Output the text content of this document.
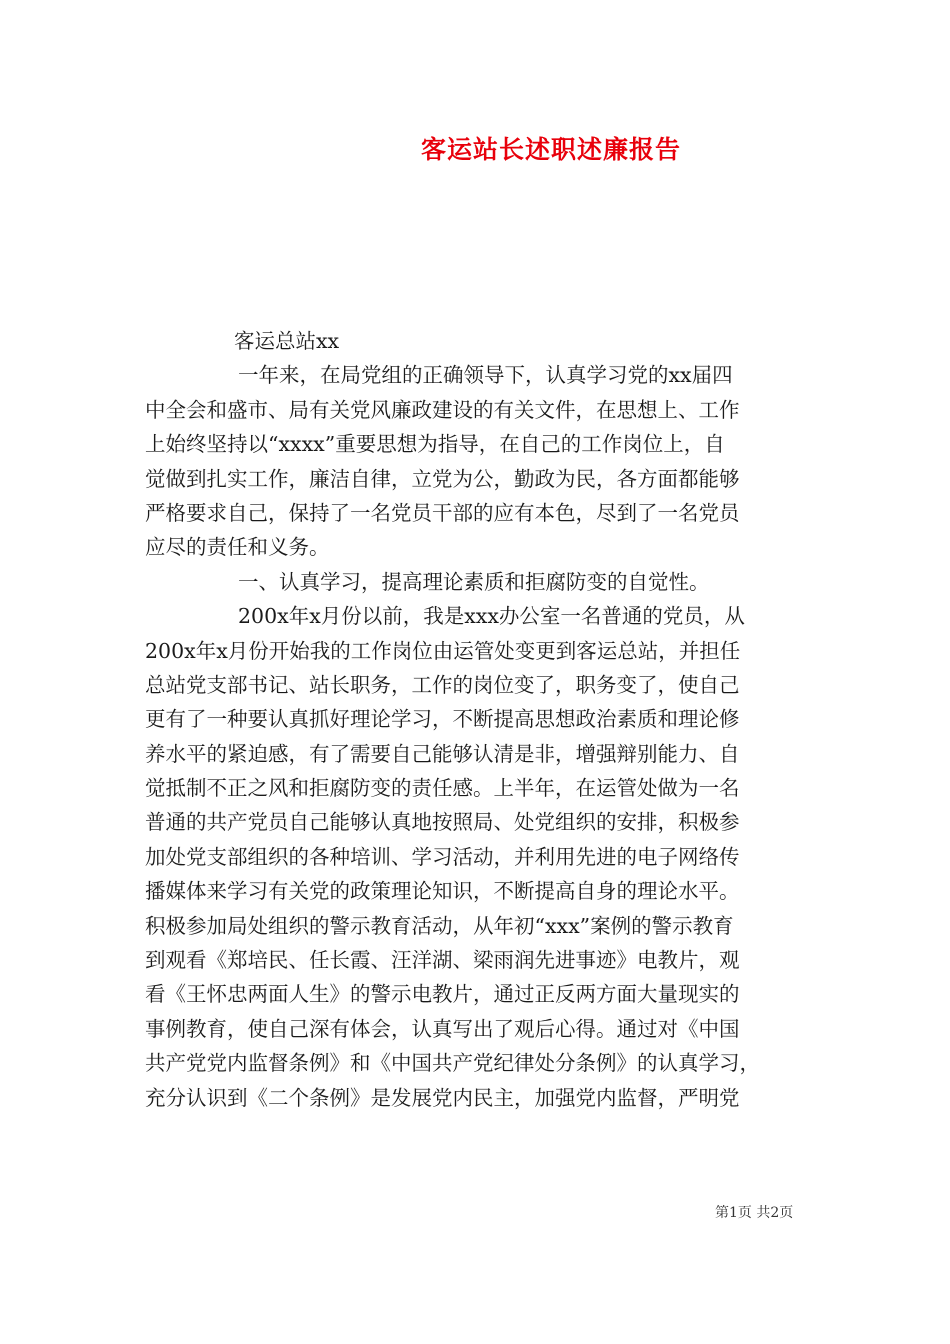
客运站长述职述廉报告
客运总站xx
一年来，在局党组的正确领导下，认真学习党的xx届四
中全会和盛市、局有关党风廉政建设的有关文件，在思想上、工作
上始终坚持以“xxxx”重要思想为指导，在自己的工作岗位上，自
觉做到扎实工作，廉洁自律，立党为公，勤政为民，各方面都能够
严格要求自己，保持了一名党员干部的应有本色，尽到了一名党员
应尽的责任和义务。
一、认真学习，提高理论素质和拒腐防变的自觉性。
200x年x月份以前，我是xxx办公室一名普通的党员，从
200x年x月份开始我的工作岗位由运管处变更到客运总站，并担任
总站党支部书记、站长职务，工作的岗位变了，职务变了，使自己
更有了一种要认真抓好理论学习，不断提高思想政治素质和理论修
养水平的紧迫感，有了需要自己能够认清是非，增强辩别能力、自
觉抵制不正之风和拒腐防变的责任感。上半年，在运管处做为一名
普通的共产党员自己能够认真地按照局、处党组织的安排，积极参
加处党支部组织的各种培训、学习活动，并利用先进的电子网络传
播媒体来学习有关党的政策理论知识，不断提高自身的理论水平。
积极参加局处组织的警示教育活动，从年初“xxx”案例的警示教育
到观看《郑培民、任长霞、汪洋湖、梁雨润先进事迹》电教片，观
看《王怀忠两面人生》的警示电教片，通过正反两方面大量现实的
事例教育，使自己深有体会，认真写出了观后心得。通过对《中国
共产党党内监督条例》和《中国共产党纪律处分条例》的认真学习，
充分认识到《二个条例》是发展党内民主，加强党内监督，严明党
第1页 共2页
